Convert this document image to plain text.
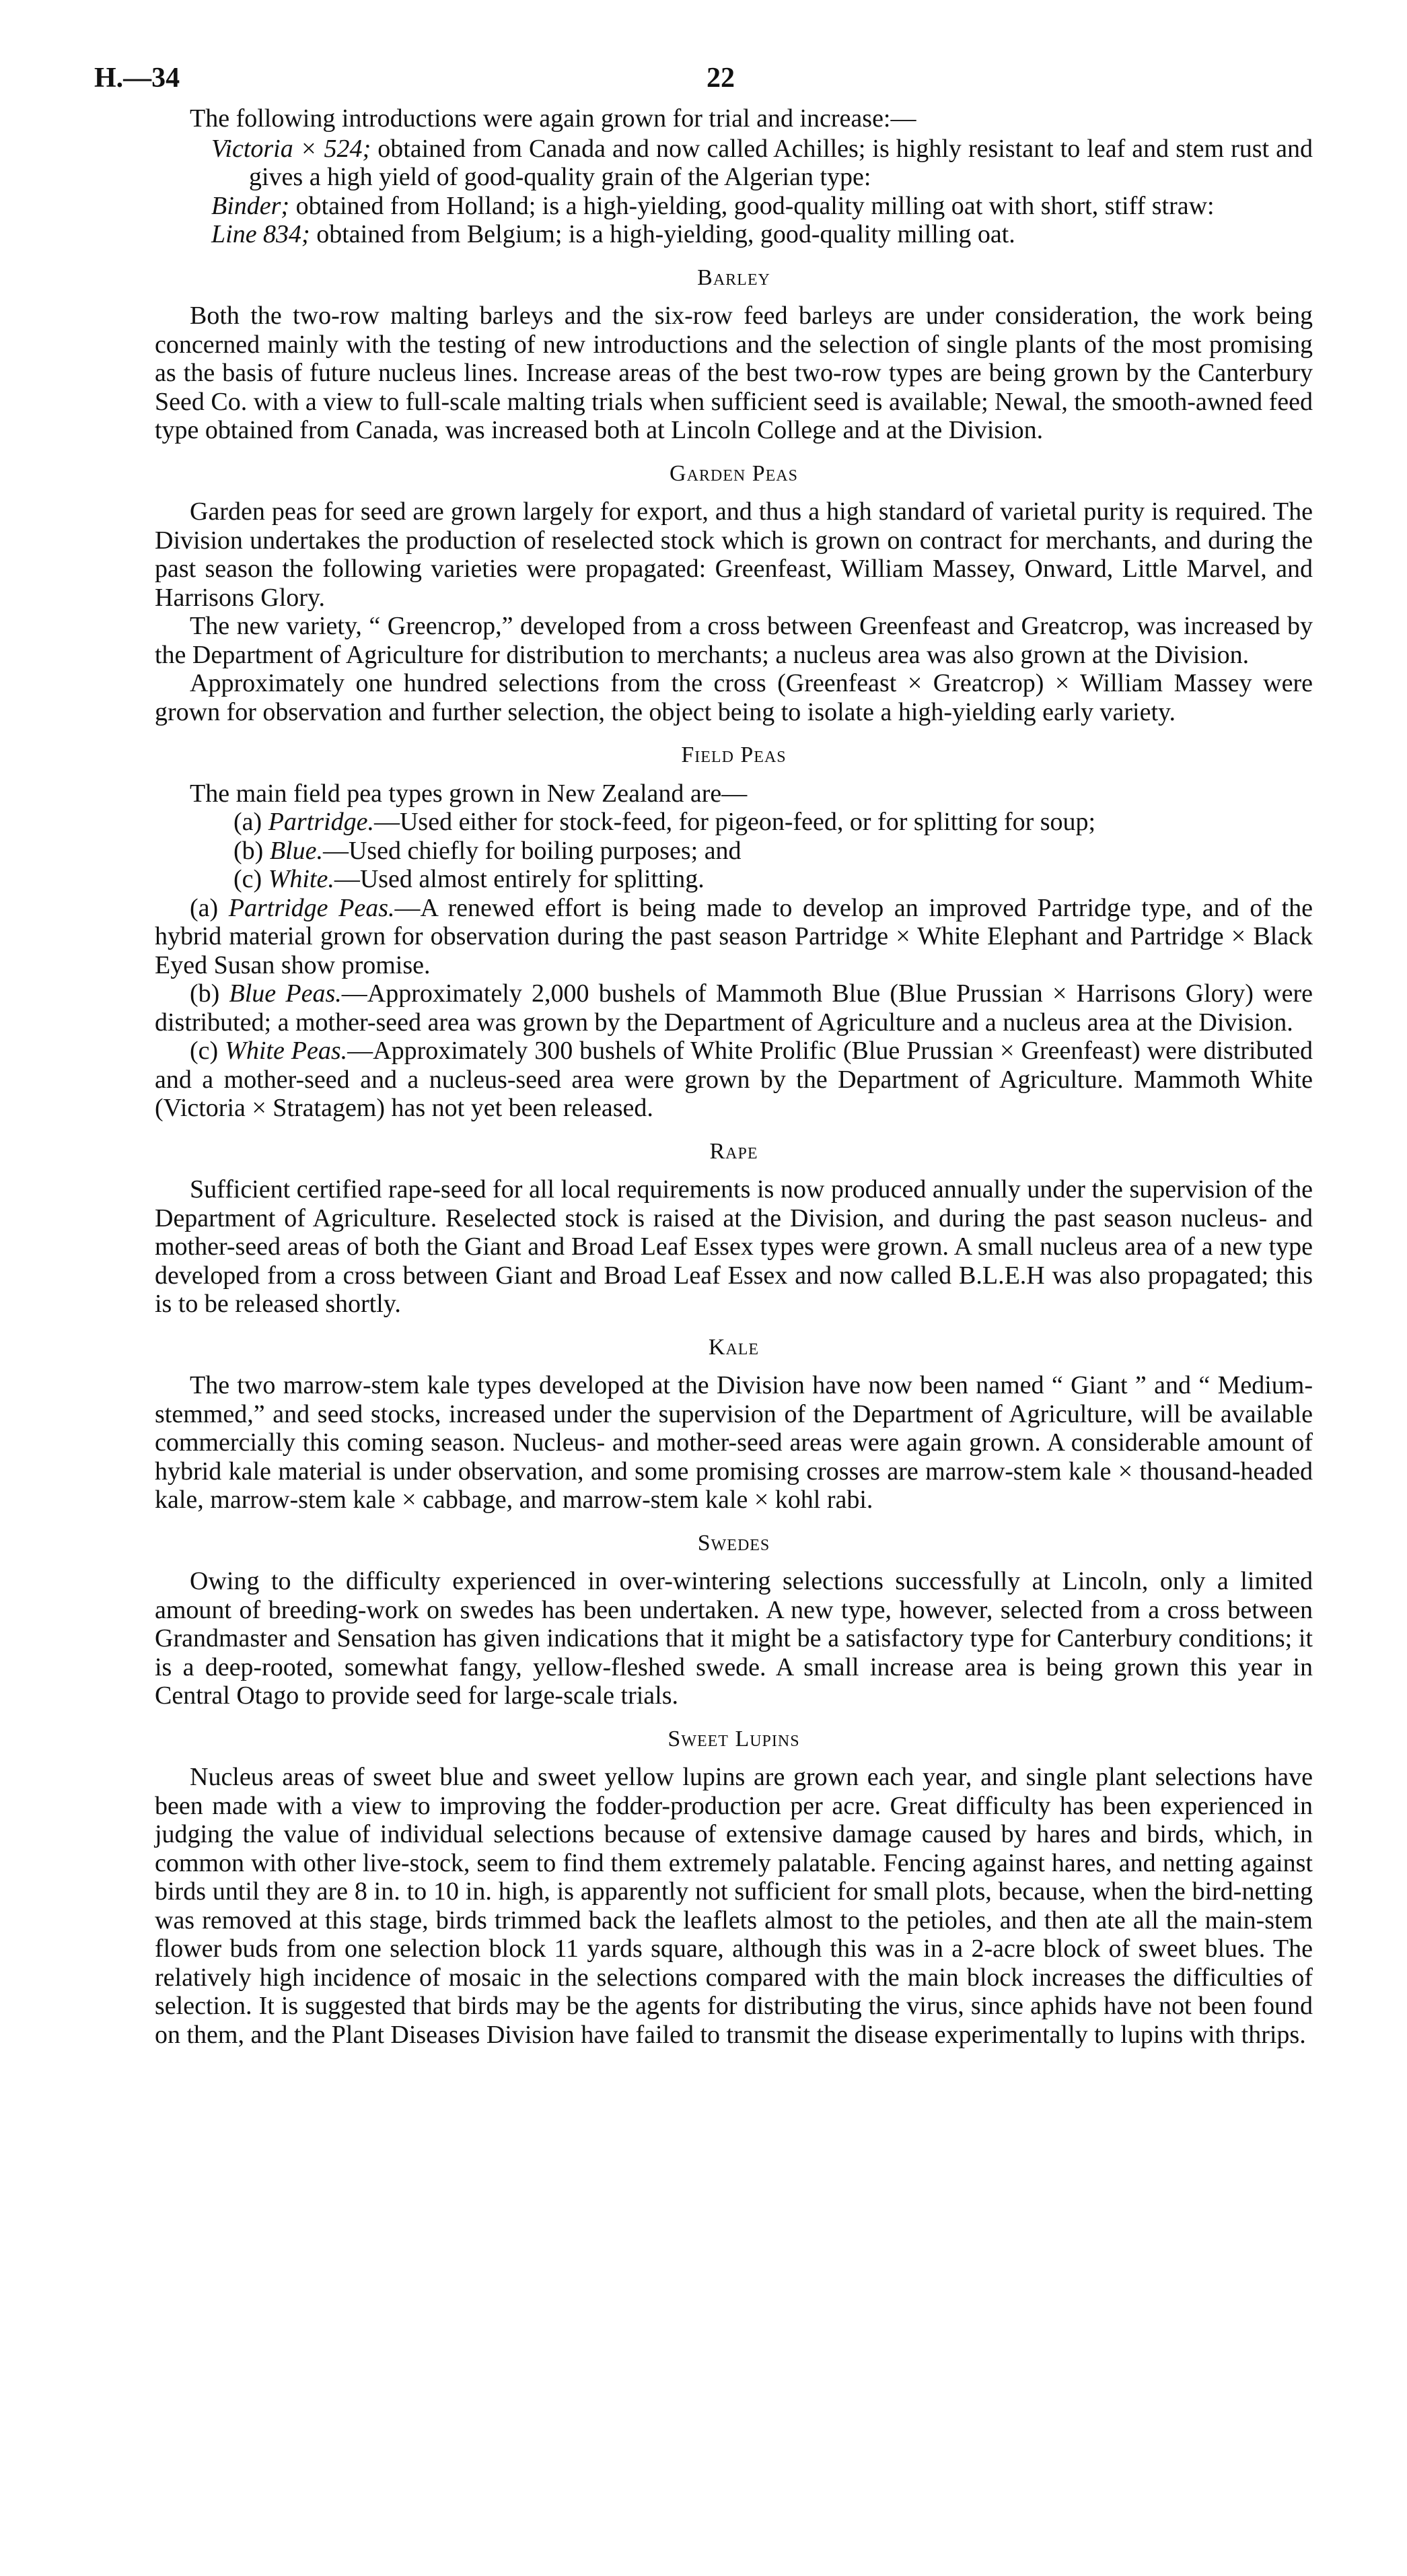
H.—34	22

The following introductions were again grown for trial and increase:—

Victoria × 524; obtained from Canada and now called Achilles; is highly resistant to leaf and stem rust and gives a high yield of good-quality grain of the Algerian type:

Binder; obtained from Holland; is a high-yielding, good-quality milling oat with short, stiff straw:

Line 834; obtained from Belgium; is a high-yielding, good-quality milling oat.

Barley

Both the two-row malting barleys and the six-row feed barleys are under consideration, the work being concerned mainly with the testing of new introductions and the selection of single plants of the most promising as the basis of future nucleus lines. Increase areas of the best two-row types are being grown by the Canterbury Seed Co. with a view to full-scale malting trials when sufficient seed is available; Newal, the smooth-awned feed type obtained from Canada, was increased both at Lincoln College and at the Division.

Garden Peas

Garden peas for seed are grown largely for export, and thus a high standard of varietal purity is required. The Division undertakes the production of reselected stock which is grown on contract for merchants, and during the past season the following varieties were propagated: Greenfeast, William Massey, Onward, Little Marvel, and Harrisons Glory.

The new variety, “ Greencrop,” developed from a cross between Greenfeast and Greatcrop, was increased by the Department of Agriculture for distribution to merchants; a nucleus area was also grown at the Division.

Approximately one hundred selections from the cross (Greenfeast × Greatcrop) × William Massey were grown for observation and further selection, the object being to isolate a high-yielding early variety.

Field Peas

The main field pea types grown in New Zealand are—

(a) Partridge.—Used either for stock-feed, for pigeon-feed, or for splitting for soup;

(b) Blue.—Used chiefly for boiling purposes; and

(c) White.—Used almost entirely for splitting.

(a) Partridge Peas.—A renewed effort is being made to develop an improved Partridge type, and of the hybrid material grown for observation during the past season Partridge × White Elephant and Partridge × Black Eyed Susan show promise.

(b) Blue Peas.—Approximately 2,000 bushels of Mammoth Blue (Blue Prussian × Harrisons Glory) were distributed; a mother-seed area was grown by the Department of Agriculture and a nucleus area at the Division.

(c) White Peas.—Approximately 300 bushels of White Prolific (Blue Prussian × Greenfeast) were distributed and a mother-seed and a nucleus-seed area were grown by the Department of Agriculture. Mammoth White (Victoria × Stratagem) has not yet been released.

Rape

Sufficient certified rape-seed for all local requirements is now produced annually under the supervision of the Department of Agriculture. Reselected stock is raised at the Division, and during the past season nucleus- and mother-seed areas of both the Giant and Broad Leaf Essex types were grown. A small nucleus area of a new type developed from a cross between Giant and Broad Leaf Essex and now called B.L.E.H was also propagated; this is to be released shortly.

Kale

The two marrow-stem kale types developed at the Division have now been named “ Giant ” and “ Medium-stemmed,” and seed stocks, increased under the supervision of the Department of Agriculture, will be available commercially this coming season. Nucleus- and mother-seed areas were again grown. A considerable amount of hybrid kale material is under observation, and some promising crosses are marrow-stem kale × thousand-headed kale, marrow-stem kale × cabbage, and marrow-stem kale × kohl rabi.

Swedes

Owing to the difficulty experienced in over-wintering selections successfully at Lincoln, only a limited amount of breeding-work on swedes has been undertaken. A new type, however, selected from a cross between Grandmaster and Sensation has given indications that it might be a satisfactory type for Canterbury conditions; it is a deep-rooted, somewhat fangy, yellow-fleshed swede. A small increase area is being grown this year in Central Otago to provide seed for large-scale trials.

Sweet Lupins

Nucleus areas of sweet blue and sweet yellow lupins are grown each year, and single plant selections have been made with a view to improving the fodder-production per acre. Great difficulty has been experienced in judging the value of individual selections because of extensive damage caused by hares and birds, which, in common with other live-stock, seem to find them extremely palatable. Fencing against hares, and netting against birds until they are 8 in. to 10 in. high, is apparently not sufficient for small plots, because, when the bird-netting was removed at this stage, birds trimmed back the leaflets almost to the petioles, and then ate all the main-stem flower buds from one selection block 11 yards square, although this was in a 2-acre block of sweet blues. The relatively high incidence of mosaic in the selections compared with the main block increases the difficulties of selection. It is suggested that birds may be the agents for distributing the virus, since aphids have not been found on them, and the Plant Diseases Division have failed to transmit the disease experimentally to lupins with thrips.
